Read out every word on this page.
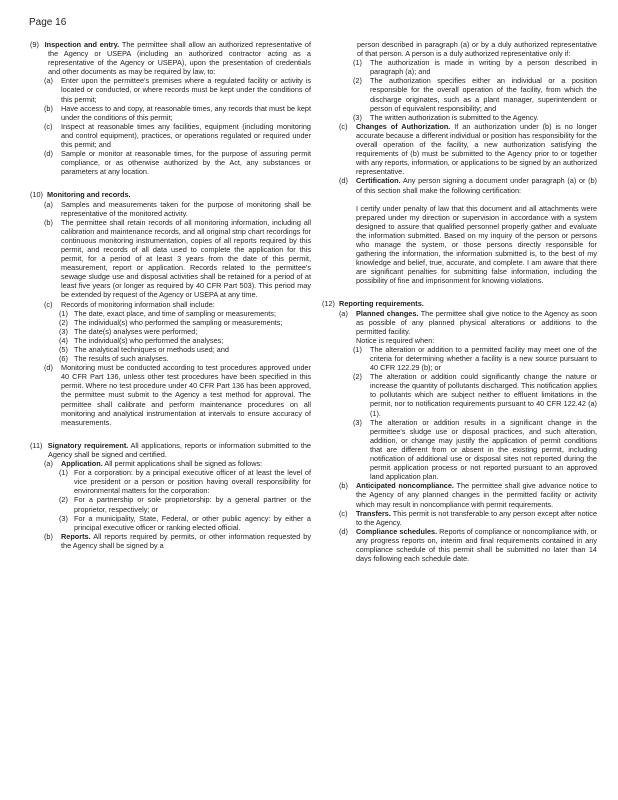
Page 16

(9) Inspection and entry. The permittee shall allow an authorized representative of the Agency or USEPA (including an authorized contractor acting as a representative of the Agency or USEPA), upon the presentation of credentials and other documents as may be required by law, to:

(a) Enter upon the permittee's premises where a regulated facility or activity is located or conducted, or where records must be kept under the conditions of this permit;

(b) Have access to and copy, at reasonable times, any records that must be kept under the conditions of this permit;

(c) Inspect at reasonable times any facilities, equipment (including monitoring and control equipment), practices, or operations regulated or required under this permit; and

(d) Sample or monitor at reasonable times, for the purpose of assuring permit compliance, or as otherwise authorized by the Act, any substances or parameters at any location.

(10) Monitoring and records.

(a) Samples and measurements taken for the purpose of monitoring shall be representative of the monitored activity.

(b) The permittee shall retain records of all monitoring information, including all calibration and maintenance records, and all original strip chart recordings for continuous monitoring instrumentation, copies of all reports required by this permit, and records of all data used to complete the application for this permit, for a period of at least 3 years from the date of this permit, measurement, report or application. Records related to the permittee's sewage sludge use and disposal activities shall be retained for a period of at least five years (or longer as required by 40 CFR Part 503). This period may be extended by request of the Agency or USEPA at any time.

(c) Records of monitoring information shall include:

(1) The date, exact place, and time of sampling or measurements;

(2) The individual(s) who performed the sampling or measurements;

(3) The date(s) analyses were performed;

(4) The individual(s) who performed the analyses;

(5) The analytical techniques or methods used; and

(6) The results of such analyses.

(d) Monitoring must be conducted according to test procedures approved under 40 CFR Part 136, unless other test procedures have been specified in this permit. Where no test procedure under 40 CFR Part 136 has been approved, the permittee must submit to the Agency a test method for approval. The permittee shall calibrate and perform maintenance procedures on all monitoring and analytical instrumentation at intervals to ensure accuracy of measurements.

(11) Signatory requirement. All applications, reports or information submitted to the Agency shall be signed and certified.

(a) Application. All permit applications shall be signed as follows:

(1) For a corporation: by a principal executive officer of at least the level of vice president or a person or position having overall responsibility for environmental matters for the corporation:

(2) For a partnership or sole proprietorship: by a general partner or the proprietor, respectively; or

(3) For a municipality, State, Federal, or other public agency: by either a principal executive officer or ranking elected official.

(b) Reports. All reports required by permits, or other information requested by the Agency shall be signed by a

person described in paragraph (a) or by a duly authorized representative of that person. A person is a duly authorized representative only if:

(1) The authorization is made in writing by a person described in paragraph (a); and

(2) The authorization specifies either an individual or a position responsible for the overall operation of the facility, from which the discharge originates, such as a plant manager, superintendent or person of equivalent responsibility; and

(3) The written authorization is submitted to the Agency.

(c) Changes of Authorization. If an authorization under (b) is no longer accurate because a different individual or position has responsibility for the overall operation of the facility, a new authorization satisfying the requirements of (b) must be submitted to the Agency prior to or together with any reports, information, or applications to be signed by an authorized representative.

(d) Certification. Any person signing a document under paragraph (a) or (b) of this section shall make the following certification:

I certify under penalty of law that this document and all attachments were prepared under my direction or supervision in accordance with a system designed to assure that qualified personnel properly gather and evaluate the information submitted. Based on my inquiry of the person or persons who manage the system, or those persons directly responsible for gathering the information, the information submitted is, to the best of my knowledge and belief, true, accurate, and complete. I am aware that there are significant penalties for submitting false information, including the possibility of fine and imprisonment for knowing violations.

(12) Reporting requirements.

(a) Planned changes. The permittee shall give notice to the Agency as soon as possible of any planned physical alterations or additions to the permitted facility.

Notice is required when:

(1) The alteration or addition to a permitted facility may meet one of the criteria for determining whether a facility is a new source pursuant to 40 CFR 122.29 (b); or

(2) The alteration or addition could significantly change the nature or increase the quantity of pollutants discharged. This notification applies to pollutants which are subject neither to effluent limitations in the permit, nor to notification requirements pursuant to 40 CFR 122.42 (a)(1).

(3) The alteration or addition results in a significant change in the permittee's sludge use or disposal practices, and such alteration, addition, or change may justify the application of permit conditions that are different from or absent in the existing permit, including notification of additional use or disposal sites not reported during the permit application process or not reported pursuant to an approved land application plan.

(b) Anticipated noncompliance. The permittee shall give advance notice to the Agency of any planned changes in the permitted facility or activity which may result in noncompliance with permit requirements.

(c) Transfers. This permit is not transferable to any person except after notice to the Agency.

(d) Compliance schedules. Reports of compliance or noncompliance with, or any progress reports on, interim and final requirements contained in any compliance schedule of this permit shall be submitted no later than 14 days following each schedule date.
